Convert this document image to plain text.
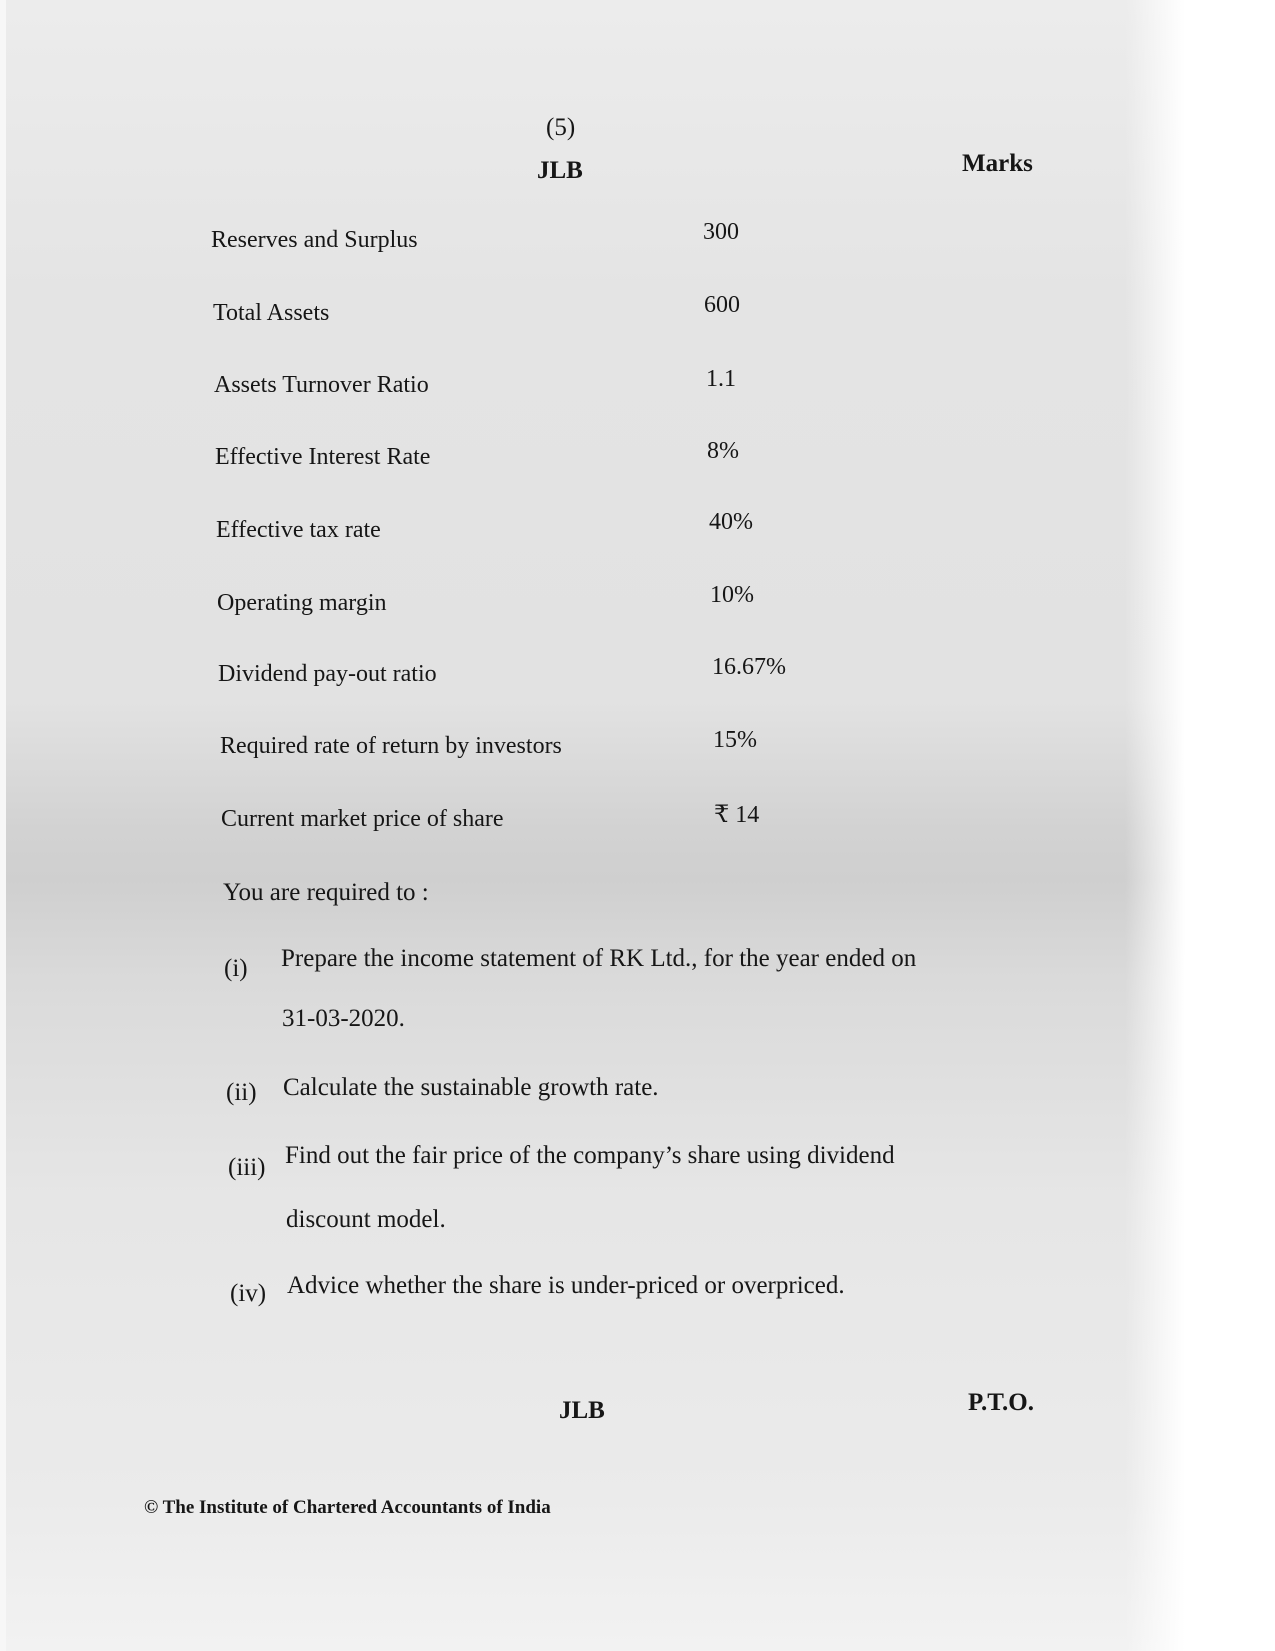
(5)
JLB	Marks
Reserves and Surplus	300
Total Assets	600
Assets Turnover Ratio	1.1
Effective Interest Rate	8%
Effective tax rate	40%
Operating margin	10%
Dividend pay-out ratio	16.67%
Required rate of return by investors	15%
Current market price of share	₹ 14
You are required to :
(i) Prepare the income statement of RK Ltd., for the year ended on
31-03-2020.
(ii) Calculate the sustainable growth rate.
(iii) Find out the fair price of the company’s share using dividend
discount model.
(iv) Advice whether the share is under-priced or overpriced.
JLB	P.T.O.
© The Institute of Chartered Accountants of India
